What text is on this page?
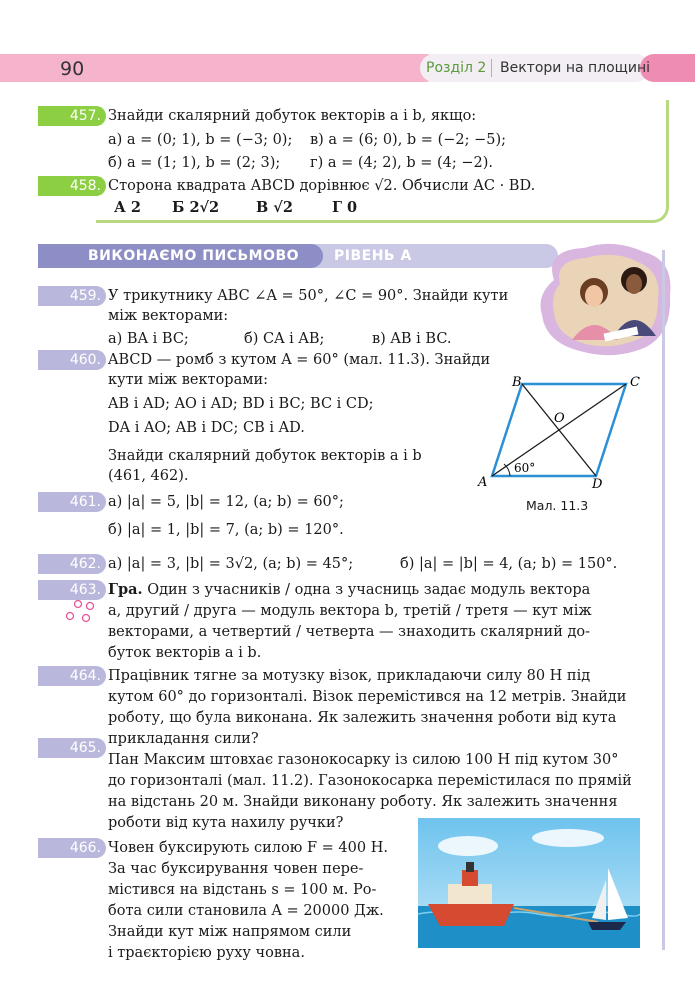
90	Розділ 2 Вектори на площині
457. Знайди скалярний добуток векторів a і b, якщо:
а) a = (0; 1), b = (−3; 0); в) a = (6; 0), b = (−2; −5);
б) a = (1; 1), b = (2; 3); г) a = (4; 2), b = (4; −2).
458. Сторона квадрата ABCD дорівнює √2. Обчисли AC · BD.
А 2 Б 2√2	В √2	Г 0
ВИКОНАЄМО ПИСЬМОВО РІВЕНЬ А
459. У трикутнику ABC ∠A = 50°, ∠C = 90°. Знайди кути
між векторами:
а) BA і BC;	б) CA і AB;	в) AB і BC.
460. ABCD — ромб з кутом A = 60° (мал. 11.3). Знайди
кути між векторами:
AB і AD; AO і AD; BD і BC; BC і CD;
DA і AO; AB і DC; CB і AD.
B	C
O
A	D
60°
Мал. 11.3
Знайди скалярний добуток векторів a і b
(461, 462).
461. а) |a| = 5, |b| = 12, (a; b) = 60°;
б) |a| = 1, |b| = 7, (a; b) = 120°.
462. а) |a| = 3, |b| = 3√2, (a; b) = 45°;	б) |a| = |b| = 4, (a; b) = 150°.
463. Гра. Один з учасників / одна з учасниць задає модуль вектора
a, другий / друга — модуль вектора b, третій / третя — кут між
векторами, а четвертий / четверта — знаходить скалярний до-
буток векторів a і b.
464. Працівник тягне за мотузку візок, прикладаючи силу 80 Н під
кутом 60° до горизонталі. Візок перемістився на 12 метрів. Знайди
роботу, що була виконана. Як залежить значення роботи від кута
прикладання сили?
465.
Пан Максим штовхає газонокосарку із силою 100 Н під кутом 30°
до горизонталі (мал. 11.2). Газонокосарка перемістилася по прямій
на відстань 20 м. Знайди виконану роботу. Як залежить значення
роботи від кута нахилу ручки?
466. Човен буксирують силою F = 400 Н.
За час буксирування човен пере-
містився на відстань s = 100 м. Ро-
бота сили становила A = 20000 Дж.
Знайди кут між напрямом сили
і траєкторією руху човна.
